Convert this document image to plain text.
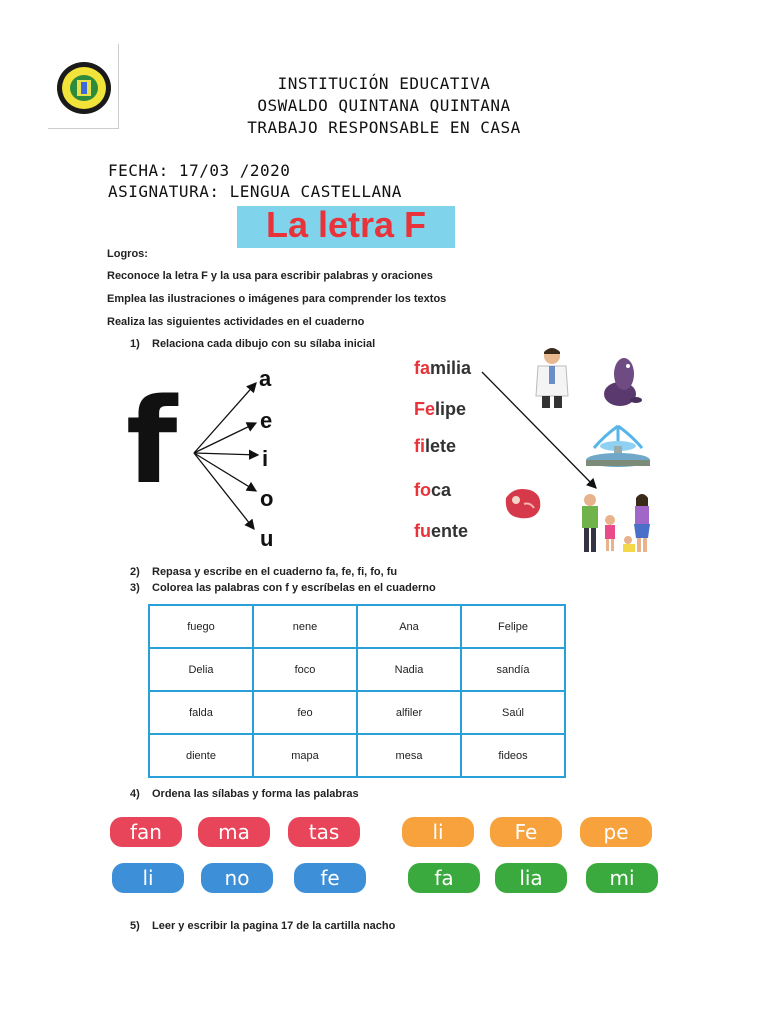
INSTITUCIÓN EDUCATIVA
OSWALDO QUINTANA QUINTANA
TRABAJO RESPONSABLE EN CASA
FECHA: 17/03 /2020
ASIGNATURA: LENGUA CASTELLANA
La letra F
Logros:
Reconoce la letra F y la usa para escribir palabras y oraciones
Emplea las ilustraciones o imágenes para comprender los textos
Realiza las siguientes actividades en el cuaderno
1) Relaciona cada dibujo con su sílaba inicial
f	a
e
i
o
u
familia
Felipe
filete
foca
fuente
2) Repasa y escribe en el cuaderno fa, fe, fi, fo, fu
3) Colorea las palabras con f y escríbelas en el cuaderno
fuego	nene	Ana	Felipe
Delia	foco	Nadia	sandía
falda	feo	alfiler	Saúl
diente	mapa	mesa	fideos
4) Ordena las sílabas y forma las palabras
fan	ma	tas	li	Fe	pe
li	no	fe	fa	lia	mi
5) Leer y escribir la pagina 17 de la cartilla nacho
